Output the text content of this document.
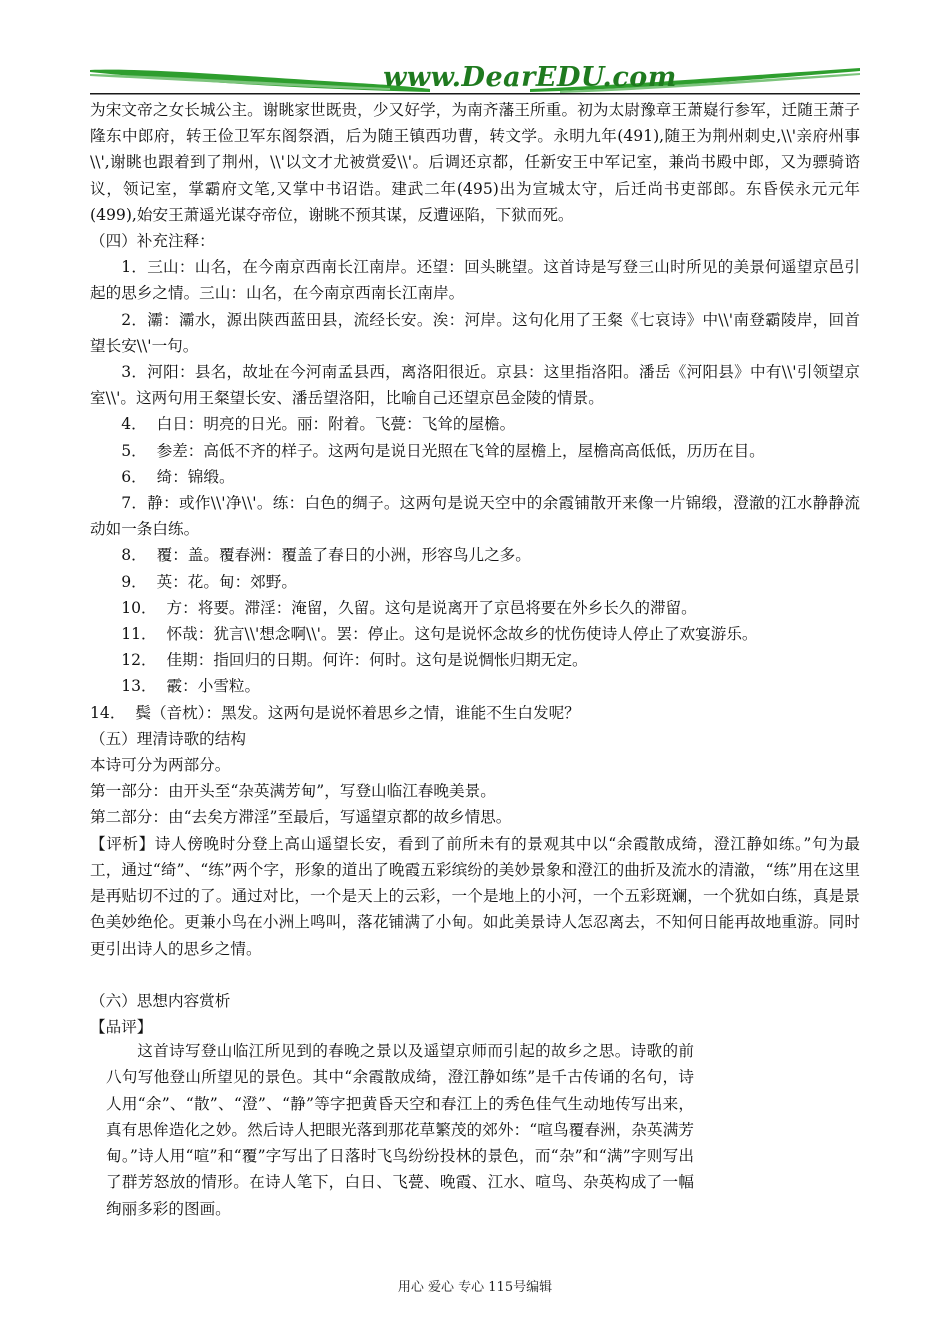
www.DearEDU.com

为宋文帝之女长城公主。谢眺家世既贵，少又好学，为南齐藩王所重。初为太尉豫章王萧嶷行参军，迁随王萧子隆东中郎府，转王俭卫军东阁祭酒，后为随王镇西功曹，转文学。永明九年(491),随王为荆州刺史,\\'亲府州事\\',谢眺也跟着到了荆州，\\'以文才尤被赏爱\\'。后调还京都，任新安王中军记室，兼尚书殿中郎，又为骠骑谘议，领记室，掌霸府文笔,又掌中书诏诰。建武二年(495)出为宣城太守，后迁尚书吏部郎。东昏侯永元元年(499),始安王萧遥光谋夺帝位，谢眺不预其谋，反遭诬陷，下狱而死。

（四）补充注释：

1．三山：山名，在今南京西南长江南岸。还望：回头眺望。这首诗是写登三山时所见的美景何遥望京邑引起的思乡之情。三山：山名，在今南京西南长江南岸。

2．灞：灞水，源出陕西蓝田县，流经长安。涘：河岸。这句化用了王粲《七哀诗》中\\'南登霸陵岸，回首望长安\\'一句。

3．河阳：县名，故址在今河南孟县西，离洛阳很近。京县：这里指洛阳。潘岳《河阳县》中有\\'引领望京室\\'。这两句用王粲望长安、潘岳望洛阳，比喻自己还望京邑金陵的情景。

4．  白日：明亮的日光。丽：附着。飞甍：飞耸的屋檐。

5．  参差：高低不齐的样子。这两句是说日光照在飞耸的屋檐上，屋檐高高低低，历历在目。

6．  绮：锦缎。

7．静：或作\\'净\\'。练：白色的绸子。这两句是说天空中的余霞铺散开来像一片锦缎，澄澈的江水静静流动如一条白练。

8．  覆：盖。覆春洲：覆盖了春日的小洲，形容鸟儿之多。

9．  英：花。甸：郊野。

10．  方：将要。滞淫：淹留，久留。这句是说离开了京邑将要在外乡长久的滞留。

11．  怀哉：犹言\\'想念啊\\'。罢：停止。这句是说怀念故乡的忧伤使诗人停止了欢宴游乐。

12．  佳期：指回归的日期。何许：何时。这句是说惆怅归期无定。

13．  霰：小雪粒。

14．  鬓（音枕）：黑发。这两句是说怀着思乡之情，谁能不生白发呢？

（五）理清诗歌的结构

本诗可分为两部分。

第一部分：由开头至“杂英满芳甸”，写登山临江春晚美景。

第二部分：由“去矣方滞淫”至最后，写遥望京都的故乡情思。

【评析】诗人傍晚时分登上高山遥望长安，看到了前所未有的景观其中以“余霞散成绮，澄江静如练。”句为最工，通过“绮”、“练”两个字，形象的道出了晚霞五彩缤纷的美妙景象和澄江的曲折及流水的清澈，“练”用在这里是再贴切不过的了。通过对比，一个是天上的云彩，一个是地上的小河，一个五彩斑斓，一个犹如白练，真是景色美妙绝伦。更兼小鸟在小洲上鸣叫，落花铺满了小甸。如此美景诗人怎忍离去，不知何日能再故地重游。同时更引出诗人的思乡之情。

（六）思想内容赏析

【品评】

这首诗写登山临江所见到的春晚之景以及遥望京师而引起的故乡之思。诗歌的前八句写他登山所望见的景色。其中“余霞散成绮，澄江静如练”是千古传诵的名句，诗人用“余”、“散”、“澄”、“静”等字把黄昏天空和春江上的秀色佳气生动地传写出来，真有思侔造化之妙。然后诗人把眼光落到那花草繁茂的郊外：“喧鸟覆春洲，杂英满芳甸。”诗人用“喧”和“覆”字写出了日落时飞鸟纷纷投林的景色，而“杂”和“满”字则写出了群芳怒放的情形。在诗人笔下，白日、飞甍、晚霞、江水、喧鸟、杂英构成了一幅绚丽多彩的图画。

用心 爱心 专心 115号编辑
